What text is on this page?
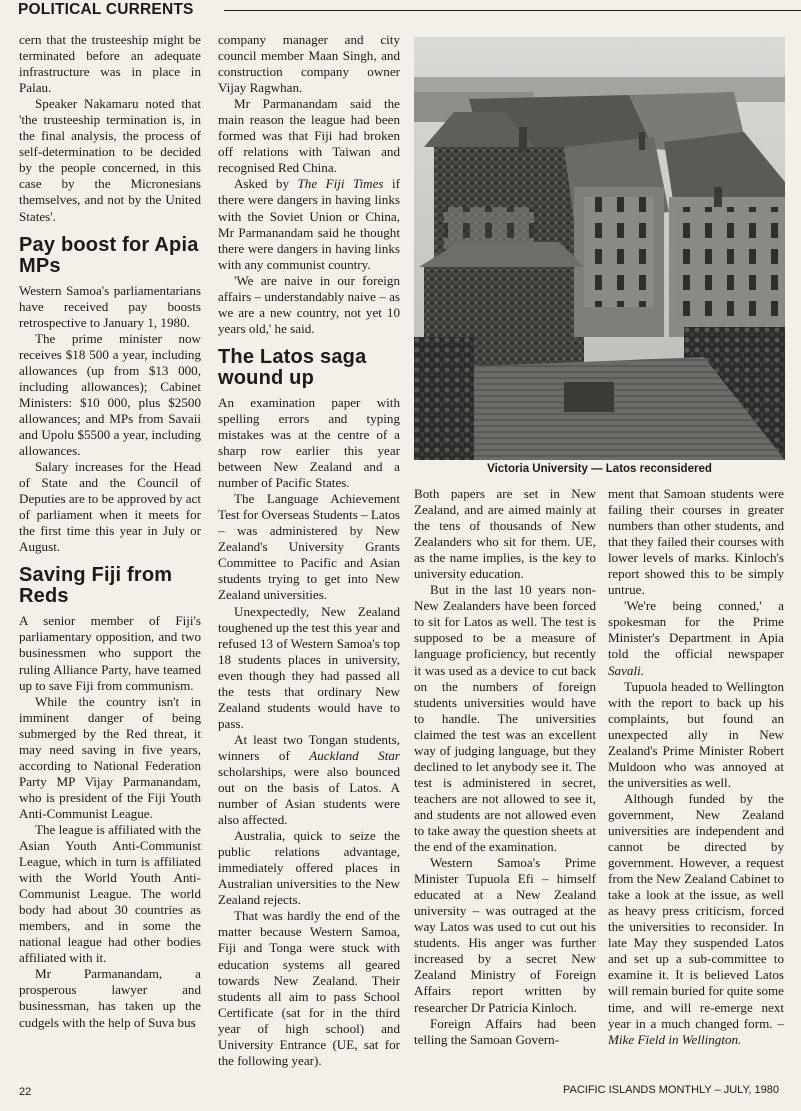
POLITICAL CURRENTS

cern that the trusteeship might be terminated before an adequate infrastructure was in place in Palau.

Speaker Nakamaru noted that 'the trusteeship termination is, in the final analysis, the process of self-determination to be decided by the people concerned, in this case by the Micronesians themselves, and not by the United States'.

Pay boost for Apia MPs

Western Samoa's parliamentarians have received pay boosts retrospective to January 1, 1980.

The prime minister now receives $18 500 a year, including allowances (up from $13 000, including allowances); Cabinet Ministers: $10 000, plus $2500 allowances; and MPs from Savaii and Upolu $5500 a year, including allowances.

Salary increases for the Head of State and the Council of Deputies are to be approved by act of parliament when it meets for the first time this year in July or August.

Saving Fiji from Reds

A senior member of Fiji's parliamentary opposition, and two businessmen who support the ruling Alliance Party, have teamed up to save Fiji from communism.

While the country isn't in imminent danger of being submerged by the Red threat, it may need saving in five years, according to National Federation Party MP Vijay Parmanandam, who is president of the Fiji Youth Anti-Communist League.

The league is affiliated with the Asian Youth Anti-Communist League, which in turn is affiliated with the World Youth Anti-Communist League. The world body had about 30 countries as members, and in some the national league had other bodies affiliated with it.

Mr Parmanandam, a prosperous lawyer and businessman, has taken up the cudgels with the help of Suva bus

company manager and city council member Maan Singh, and construction company owner Vijay Ragwhan.

Mr Parmanandam said the main reason the league had been formed was that Fiji had broken off relations with Taiwan and recognised Red China.

Asked by The Fiji Times if there were dangers in having links with the Soviet Union or China, Mr Parmanandam said he thought there were dangers in having links with any communist country.

'We are naive in our foreign affairs – understandably naive – as we are a new country, not yet 10 years old,' he said.

The Latos saga wound up

An examination paper with spelling errors and typing mistakes was at the centre of a sharp row earlier this year between New Zealand and a number of Pacific States.

The Language Achievement Test for Overseas Students – Latos – was administered by New Zealand's University Grants Committee to Pacific and Asian students trying to get into New Zealand universities.

Unexpectedly, New Zealand toughened up the test this year and refused 13 of Western Samoa's top 18 students places in university, even though they had passed all the tests that ordinary New Zealand students would have to pass.

At least two Tongan students, winners of Auckland Star scholarships, were also bounced out on the basis of Latos. A number of Asian students were also affected.

Australia, quick to seize the public relations advantage, immediately offered places in Australian universities to the New Zealand rejects.

That was hardly the end of the matter because Western Samoa, Fiji and Tonga were stuck with education systems all geared towards New Zealand. Their students all aim to pass School Certificate (sat for in the third year of high school) and University Entrance (UE, sat for the following year).

Victoria University — Latos reconsidered

Both papers are set in New Zealand, and are aimed mainly at the tens of thousands of New Zealanders who sit for them. UE, as the name implies, is the key to university education.

But in the last 10 years non-New Zealanders have been forced to sit for Latos as well. The test is supposed to be a measure of language proficiency, but recently it was used as a device to cut back on the numbers of foreign students universities would have to handle. The universities claimed the test was an excellent way of judging language, but they declined to let anybody see it. The test is administered in secret, teachers are not allowed to see it, and students are not allowed even to take away the question sheets at the end of the examination.

Western Samoa's Prime Minister Tupuola Efi – himself educated at a New Zealand university – was outraged at the way Latos was used to cut out his students. His anger was further increased by a secret New Zealand Ministry of Foreign Affairs report written by researcher Dr Patricia Kinloch.

Foreign Affairs had been telling the Samoan Govern-

ment that Samoan students were failing their courses in greater numbers than other students, and that they failed their courses with lower levels of marks. Kinloch's report showed this to be simply untrue.

'We're being conned,' a spokesman for the Prime Minister's Department in Apia told the official newspaper Savali.

Tupuola headed to Wellington with the report to back up his complaints, but found an unexpected ally in New Zealand's Prime Minister Robert Muldoon who was annoyed at the universities as well.

Although funded by the government, New Zealand universities are independent and cannot be directed by government. However, a request from the New Zealand Cabinet to take a look at the issue, as well as heavy press criticism, forced the universities to reconsider. In late May they suspended Latos and set up a sub-committee to examine it. It is believed Latos will remain buried for quite some time, and will re-emerge next year in a much changed form. – Mike Field in Wellington.

22	PACIFIC ISLANDS MONTHLY – JULY, 1980
